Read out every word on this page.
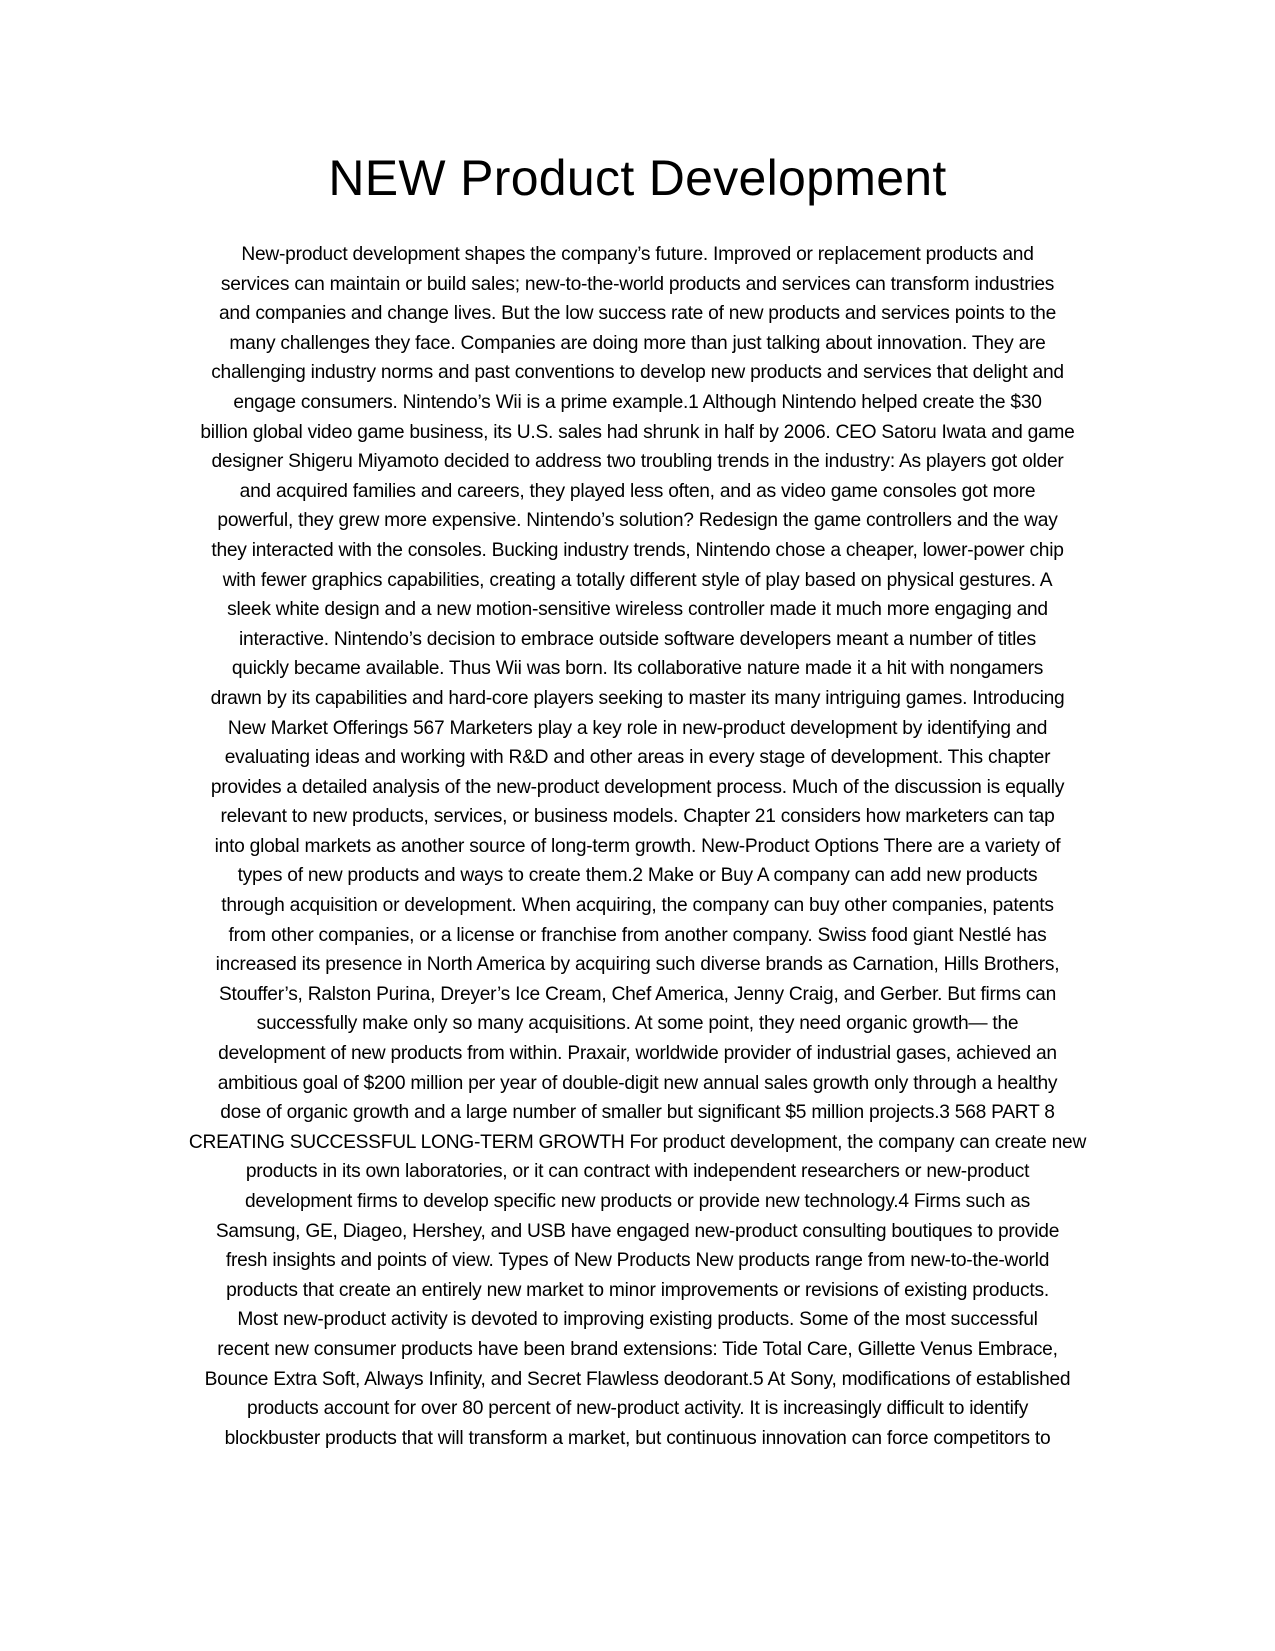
NEW Product Development
New-product development shapes the company’s future. Improved or replacement products and
services can maintain or build sales; new-to-the-world products and services can transform industries
and companies and change lives. But the low success rate of new products and services points to the
many challenges they face. Companies are doing more than just talking about innovation. They are
challenging industry norms and past conventions to develop new products and services that delight and
engage consumers. Nintendo’s Wii is a prime example.1 Although Nintendo helped create the $30
billion global video game business, its U.S. sales had shrunk in half by 2006. CEO Satoru Iwata and game
designer Shigeru Miyamoto decided to address two troubling trends in the industry: As players got older
and acquired families and careers, they played less often, and as video game consoles got more
powerful, they grew more expensive. Nintendo’s solution? Redesign the game controllers and the way
they interacted with the consoles. Bucking industry trends, Nintendo chose a cheaper, lower-power chip
with fewer graphics capabilities, creating a totally different style of play based on physical gestures. A
sleek white design and a new motion-sensitive wireless controller made it much more engaging and
interactive. Nintendo’s decision to embrace outside software developers meant a number of titles
quickly became available. Thus Wii was born. Its collaborative nature made it a hit with nongamers
drawn by its capabilities and hard-core players seeking to master its many intriguing games. Introducing
New Market Offerings 567 Marketers play a key role in new-product development by identifying and
evaluating ideas and working with R&D and other areas in every stage of development. This chapter
provides a detailed analysis of the new-product development process. Much of the discussion is equally
relevant to new products, services, or business models. Chapter 21 considers how marketers can tap
into global markets as another source of long-term growth. New-Product Options There are a variety of
types of new products and ways to create them.2 Make or Buy A company can add new products
through acquisition or development. When acquiring, the company can buy other companies, patents
from other companies, or a license or franchise from another company. Swiss food giant Nestlé has
increased its presence in North America by acquiring such diverse brands as Carnation, Hills Brothers,
Stouffer’s, Ralston Purina, Dreyer’s Ice Cream, Chef America, Jenny Craig, and Gerber. But firms can
successfully make only so many acquisitions. At some point, they need organic growth— the
development of new products from within. Praxair, worldwide provider of industrial gases, achieved an
ambitious goal of $200 million per year of double-digit new annual sales growth only through a healthy
dose of organic growth and a large number of smaller but significant $5 million projects.3 568 PART 8
CREATING SUCCESSFUL LONG-TERM GROWTH For product development, the company can create new
products in its own laboratories, or it can contract with independent researchers or new-product
development firms to develop specific new products or provide new technology.4 Firms such as
Samsung, GE, Diageo, Hershey, and USB have engaged new-product consulting boutiques to provide
fresh insights and points of view. Types of New Products New products range from new-to-the-world
products that create an entirely new market to minor improvements or revisions of existing products.
Most new-product activity is devoted to improving existing products. Some of the most successful
recent new consumer products have been brand extensions: Tide Total Care, Gillette Venus Embrace,
Bounce Extra Soft, Always Infinity, and Secret Flawless deodorant.5 At Sony, modifications of established
products account for over 80 percent of new-product activity. It is increasingly difficult to identify
blockbuster products that will transform a market, but continuous innovation can force competitors to
